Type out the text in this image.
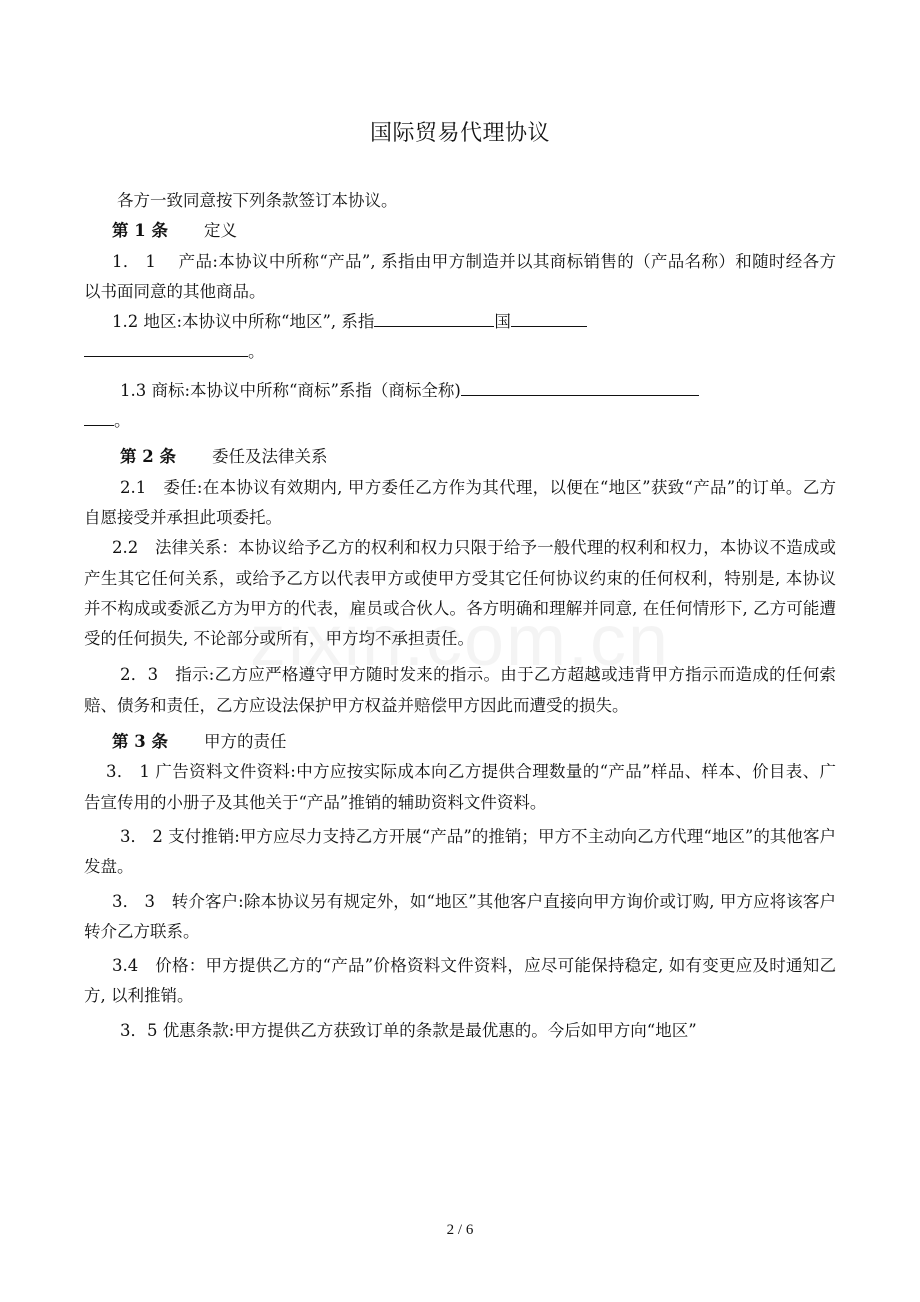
国际贸易代理协议

各方一致同意按下列条款签订本协议。

第 1 条 定义

1． 1　 产品:本协议中所称“产品”, 系指由甲方制造并以其商标销售的（产品名称）和随时经各方以书面同意的其他商品。

1.2 地区:本协议中所称“地区”, 系指	国
。

1.3 商标:本协议中所称“商标”系指（商标全称)
。

第 2 条 委任及法律关系

2.1　委任:在本协议有效期内, 甲方委任乙方作为其代理，以便在“地区”获致“产品”的订单。乙方自愿接受并承担此项委托。

2.2　法律关系：本协议给予乙方的权利和权力只限于给予一般代理的权利和权力，本协议不造成或产生其它任何关系，或给予乙方以代表甲方或使甲方受其它任何协议约束的任何权利，特别是, 本协议并不构成或委派乙方为甲方的代表，雇员或合伙人。各方明确和理解并同意, 在任何情形下, 乙方可能遭受的任何损失, 不论部分或所有，甲方均不承担责任。

2．3　指示:乙方应严格遵守甲方随时发来的指示。由于乙方超越或违背甲方指示而造成的任何索赔、债务和责任，乙方应设法保护甲方权益并赔偿甲方因此而遭受的损失。

第 3 条 甲方的责任

3． 1 广告资料文件资料:中方应按实际成本向乙方提供合理数量的“产品”样品、样本、价目表、广告宣传用的小册子及其他关于“产品”推销的辅助资料文件资料。

3． 2 支付推销:甲方应尽力支持乙方开展“产品”的推销；甲方不主动向乙方代理“地区”的其他客户发盘。

3． 3　转介客户:除本协议另有规定外，如“地区”其他客户直接向甲方询价或订购, 甲方应将该客户转介乙方联系。

3.4　价格：甲方提供乙方的“产品”价格资料文件资料，应尽可能保持稳定, 如有变更应及时通知乙方, 以利推销。

3．5 优惠条款:甲方提供乙方获致订单的条款是最优惠的。今后如甲方向“地区”

2 / 6
